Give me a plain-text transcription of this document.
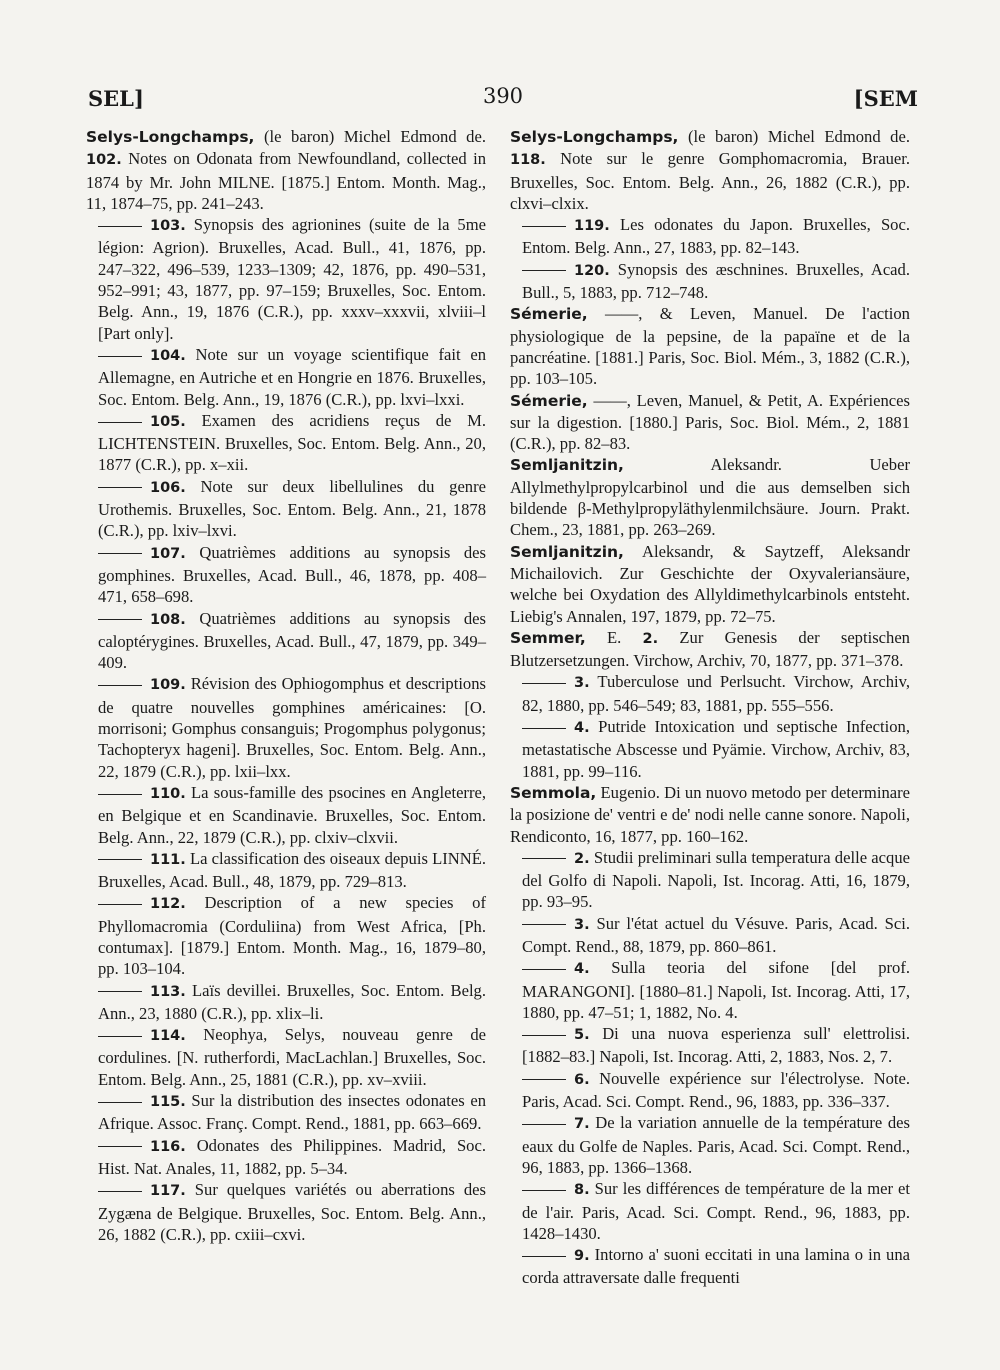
SEL]	390	[SEM

Selys-Longchamps, (le baron) Michel Edmond de. 102. Notes on Odonata from Newfoundland, collected in 1874 by Mr. John MILNE. [1875.] Entom. Month. Mag., 11, 1874–75, pp. 241–243.

103. Synopsis des agrionines (suite de la 5me légion: Agrion). Bruxelles, Acad. Bull., 41, 1876, pp. 247–322, 496–539, 1233–1309; 42, 1876, pp. 490–531, 952–991; 43, 1877, pp. 97–159; Bruxelles, Soc. Entom. Belg. Ann., 19, 1876 (C.R.), pp. xxxv–xxxvii, xlviii–l [Part only].

104. Note sur un voyage scientifique fait en Allemagne, en Autriche et en Hongrie en 1876. Bruxelles, Soc. Entom. Belg. Ann., 19, 1876 (C.R.), pp. lxvi–lxxi.

105. Examen des acridiens reçus de M. LICHTENSTEIN. Bruxelles, Soc. Entom. Belg. Ann., 20, 1877 (C.R.), pp. x–xii.

106. Note sur deux libellulines du genre Urothemis. Bruxelles, Soc. Entom. Belg. Ann., 21, 1878 (C.R.), pp. lxiv–lxvi.

107. Quatrièmes additions au synopsis des gomphines. Bruxelles, Acad. Bull., 46, 1878, pp. 408–471, 658–698.

108. Quatrièmes additions au synopsis des caloptérygines. Bruxelles, Acad. Bull., 47, 1879, pp. 349–409.

109. Révision des Ophiogomphus et descriptions de quatre nouvelles gomphines américaines: [O. morrisoni; Gomphus consanguis; Progomphus polygonus; Tachopteryx hageni]. Bruxelles, Soc. Entom. Belg. Ann., 22, 1879 (C.R.), pp. lxii–lxx.

110. La sous-famille des psocines en Angleterre, en Belgique et en Scandinavie. Bruxelles, Soc. Entom. Belg. Ann., 22, 1879 (C.R.), pp. clxiv–clxvii.

111. La classification des oiseaux depuis LINNÉ. Bruxelles, Acad. Bull., 48, 1879, pp. 729–813.

112. Description of a new species of Phyllomacromia (Corduliina) from West Africa, [Ph. contumax]. [1879.] Entom. Month. Mag., 16, 1879–80, pp. 103–104.

113. Laïs devillei. Bruxelles, Soc. Entom. Belg. Ann., 23, 1880 (C.R.), pp. xlix–li.

114. Neophya, Selys, nouveau genre de cordulines. [N. rutherfordi, MacLachlan.] Bruxelles, Soc. Entom. Belg. Ann., 25, 1881 (C.R.), pp. xv–xviii.

115. Sur la distribution des insectes odonates en Afrique. Assoc. Franç. Compt. Rend., 1881, pp. 663–669.

116. Odonates des Philippines. Madrid, Soc. Hist. Nat. Anales, 11, 1882, pp. 5–34.

117. Sur quelques variétés ou aberrations des Zygæna de Belgique. Bruxelles, Soc. Entom. Belg. Ann., 26, 1882 (C.R.), pp. cxiii–cxvi.

Selys-Longchamps, (le baron) Michel Edmond de. 118. Note sur le genre Gomphomacromia, Brauer. Bruxelles, Soc. Entom. Belg. Ann., 26, 1882 (C.R.), pp. clxvi–clxix.

119. Les odonates du Japon. Bruxelles, Soc. Entom. Belg. Ann., 27, 1883, pp. 82–143.

120. Synopsis des æschnines. Bruxelles, Acad. Bull., 5, 1883, pp. 712–748.

Sémerie, ——, & Leven, Manuel. De l'action physiologique de la pepsine, de la papaïne et de la pancréatine. [1881.] Paris, Soc. Biol. Mém., 3, 1882 (C.R.), pp. 103–105.

Sémerie, ——, Leven, Manuel, & Petit, A. Expériences sur la digestion. [1880.] Paris, Soc. Biol. Mém., 2, 1881 (C.R.), pp. 82–83.

Semljanitzin, Aleksandr. Ueber Allylmethylpropylcarbinol und die aus demselben sich bildende β-Methylpropyläthylenmilchsäure. Journ. Prakt. Chem., 23, 1881, pp. 263–269.

Semljanitzin, Aleksandr, & Saytzeff, Aleksandr Michailovich. Zur Geschichte der Oxyvaleriansäure, welche bei Oxydation des Allyldimethylcarbinols entsteht. Liebig's Annalen, 197, 1879, pp. 72–75.

Semmer, E. 2. Zur Genesis der septischen Blutzersetzungen. Virchow, Archiv, 70, 1877, pp. 371–378.

3. Tuberculose und Perlsucht. Virchow, Archiv, 82, 1880, pp. 546–549; 83, 1881, pp. 555–556.

4. Putride Intoxication und septische Infection, metastatische Abscesse und Pyämie. Virchow, Archiv, 83, 1881, pp. 99–116.

Semmola, Eugenio. Di un nuovo metodo per determinare la posizione de' ventri e de' nodi nelle canne sonore. Napoli, Rendiconto, 16, 1877, pp. 160–162.

2. Studii preliminari sulla temperatura delle acque del Golfo di Napoli. Napoli, Ist. Incorag. Atti, 16, 1879, pp. 93–95.

3. Sur l'état actuel du Vésuve. Paris, Acad. Sci. Compt. Rend., 88, 1879, pp. 860–861.

4. Sulla teoria del sifone [del prof. MARANGONI]. [1880–81.] Napoli, Ist. Incorag. Atti, 17, 1880, pp. 47–51; 1, 1882, No. 4.

5. Di una nuova esperienza sull' elettrolisi. [1882–83.] Napoli, Ist. Incorag. Atti, 2, 1883, Nos. 2, 7.

6. Nouvelle expérience sur l'électrolyse. Note. Paris, Acad. Sci. Compt. Rend., 96, 1883, pp. 336–337.

7. De la variation annuelle de la température des eaux du Golfe de Naples. Paris, Acad. Sci. Compt. Rend., 96, 1883, pp. 1366–1368.

8. Sur les différences de température de la mer et de l'air. Paris, Acad. Sci. Compt. Rend., 96, 1883, pp. 1428–1430.

9. Intorno a' suoni eccitati in una lamina o in una corda attraversate dalle frequenti
